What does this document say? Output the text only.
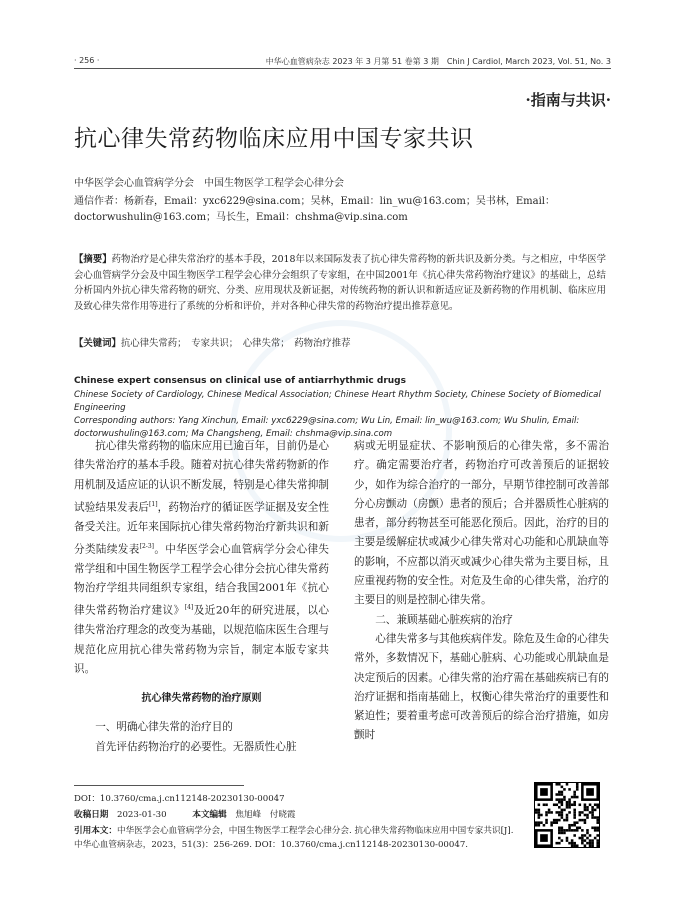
· 256 ·	中华心血管病杂志 2023 年 3 月第 51 卷第 3 期　Chin J Cardiol, March 2023, Vol. 51, No. 3
·指南与共识·
抗心律失常药物临床应用中国专家共识
中华医学会心血管病学分会　中国生物医学工程学会心律分会
通信作者：杨新春，Email：yxc6229@sina.com；吴林，Email：lin_wu@163.com；吴书林，Email：doctorwushulin@163.com；马长生，Email：chshma@vip.sina.com
【摘要】药物治疗是心律失常治疗的基本手段，2018年以来国际发表了抗心律失常药物的新共识及新分类。与之相应，中华医学会心血管病学分会及中国生物医学工程学会心律分会组织了专家组，在中国2001年《抗心律失常药物治疗建议》的基础上，总结分析国内外抗心律失常药物的研究、分类、应用现状及新证据，对传统药物的新认识和新适应证及新药物的作用机制、临床应用及致心律失常作用等进行了系统的分析和评价，并对各种心律失常的药物治疗提出推荐意见。
【关键词】抗心律失常药；　专家共识；　心律失常；　药物治疗推荐
Chinese expert consensus on clinical use of antiarrhythmic drugs
Chinese Society of Cardiology, Chinese Medical Association; Chinese Heart Rhythm Society, Chinese Society of Biomedical Engineering
Corresponding authors: Yang Xinchun, Email: yxc6229@sina.com; Wu Lin, Email: lin_wu@163.com; Wu Shulin, Email: doctorwushulin@163.com; Ma Changsheng, Email: chshma@vip.sina.com

抗心律失常药物的临床应用已逾百年，目前仍是心律失常治疗的基本手段。随着对抗心律失常药物新的作用机制及适应证的认识不断发展，特别是心律失常抑制试验结果发表后[1]，药物治疗的循证医学证据及安全性备受关注。近年来国际抗心律失常药物治疗新共识和新分类陆续发表[2-3]。中华医学会心血管病学分会心律失常学组和中国生物医学工程学会心律分会抗心律失常药物治疗学组共同组织专家组，结合我国2001年《抗心律失常药物治疗建议》[4]及近20年的研究进展，以心律失常治疗理念的改变为基础，以规范临床医生合理与规范化应用抗心律失常药物为宗旨，制定本版专家共识。

抗心律失常药物的治疗原则

一、明确心律失常的治疗目的

首先评估药物治疗的必要性。无器质性心脏

病或无明显症状、不影响预后的心律失常，多不需治疗。确定需要治疗者，药物治疗可改善预后的证据较少，如作为综合治疗的一部分，早期节律控制可改善部分心房颤动（房颤）患者的预后；合并器质性心脏病的患者，部分药物甚至可能恶化预后。因此，治疗的目的主要是缓解症状或减少心律失常对心功能和心肌缺血等的影响，不应都以消灭或减少心律失常为主要目标，且应重视药物的安全性。对危及生命的心律失常，治疗的主要目的则是控制心律失常。

二、兼顾基础心脏疾病的治疗

心律失常多与其他疾病伴发。除危及生命的心律失常外，多数情况下，基础心脏病、心功能或心肌缺血是决定预后的因素。心律失常的治疗需在基础疾病已有的治疗证据和指南基础上，权衡心律失常治疗的重要性和紧迫性；要着重考虑可改善预后的综合治疗措施，如房颤时

DOI：10.3760/cma.j.cn112148-20230130-00047
收稿日期　 2023-01-30　　　	本文编辑　 焦旭峰　付晓霞
引用本文：中华医学会心血管病学分会，中国生物医学工程学会心律分会. 抗心律失常药物临床应用中国专家共识[J]. 中华心血管病杂志，2023，51(3)：256-269. DOI：10.3760/cma.j.cn112148-20230130-00047.
